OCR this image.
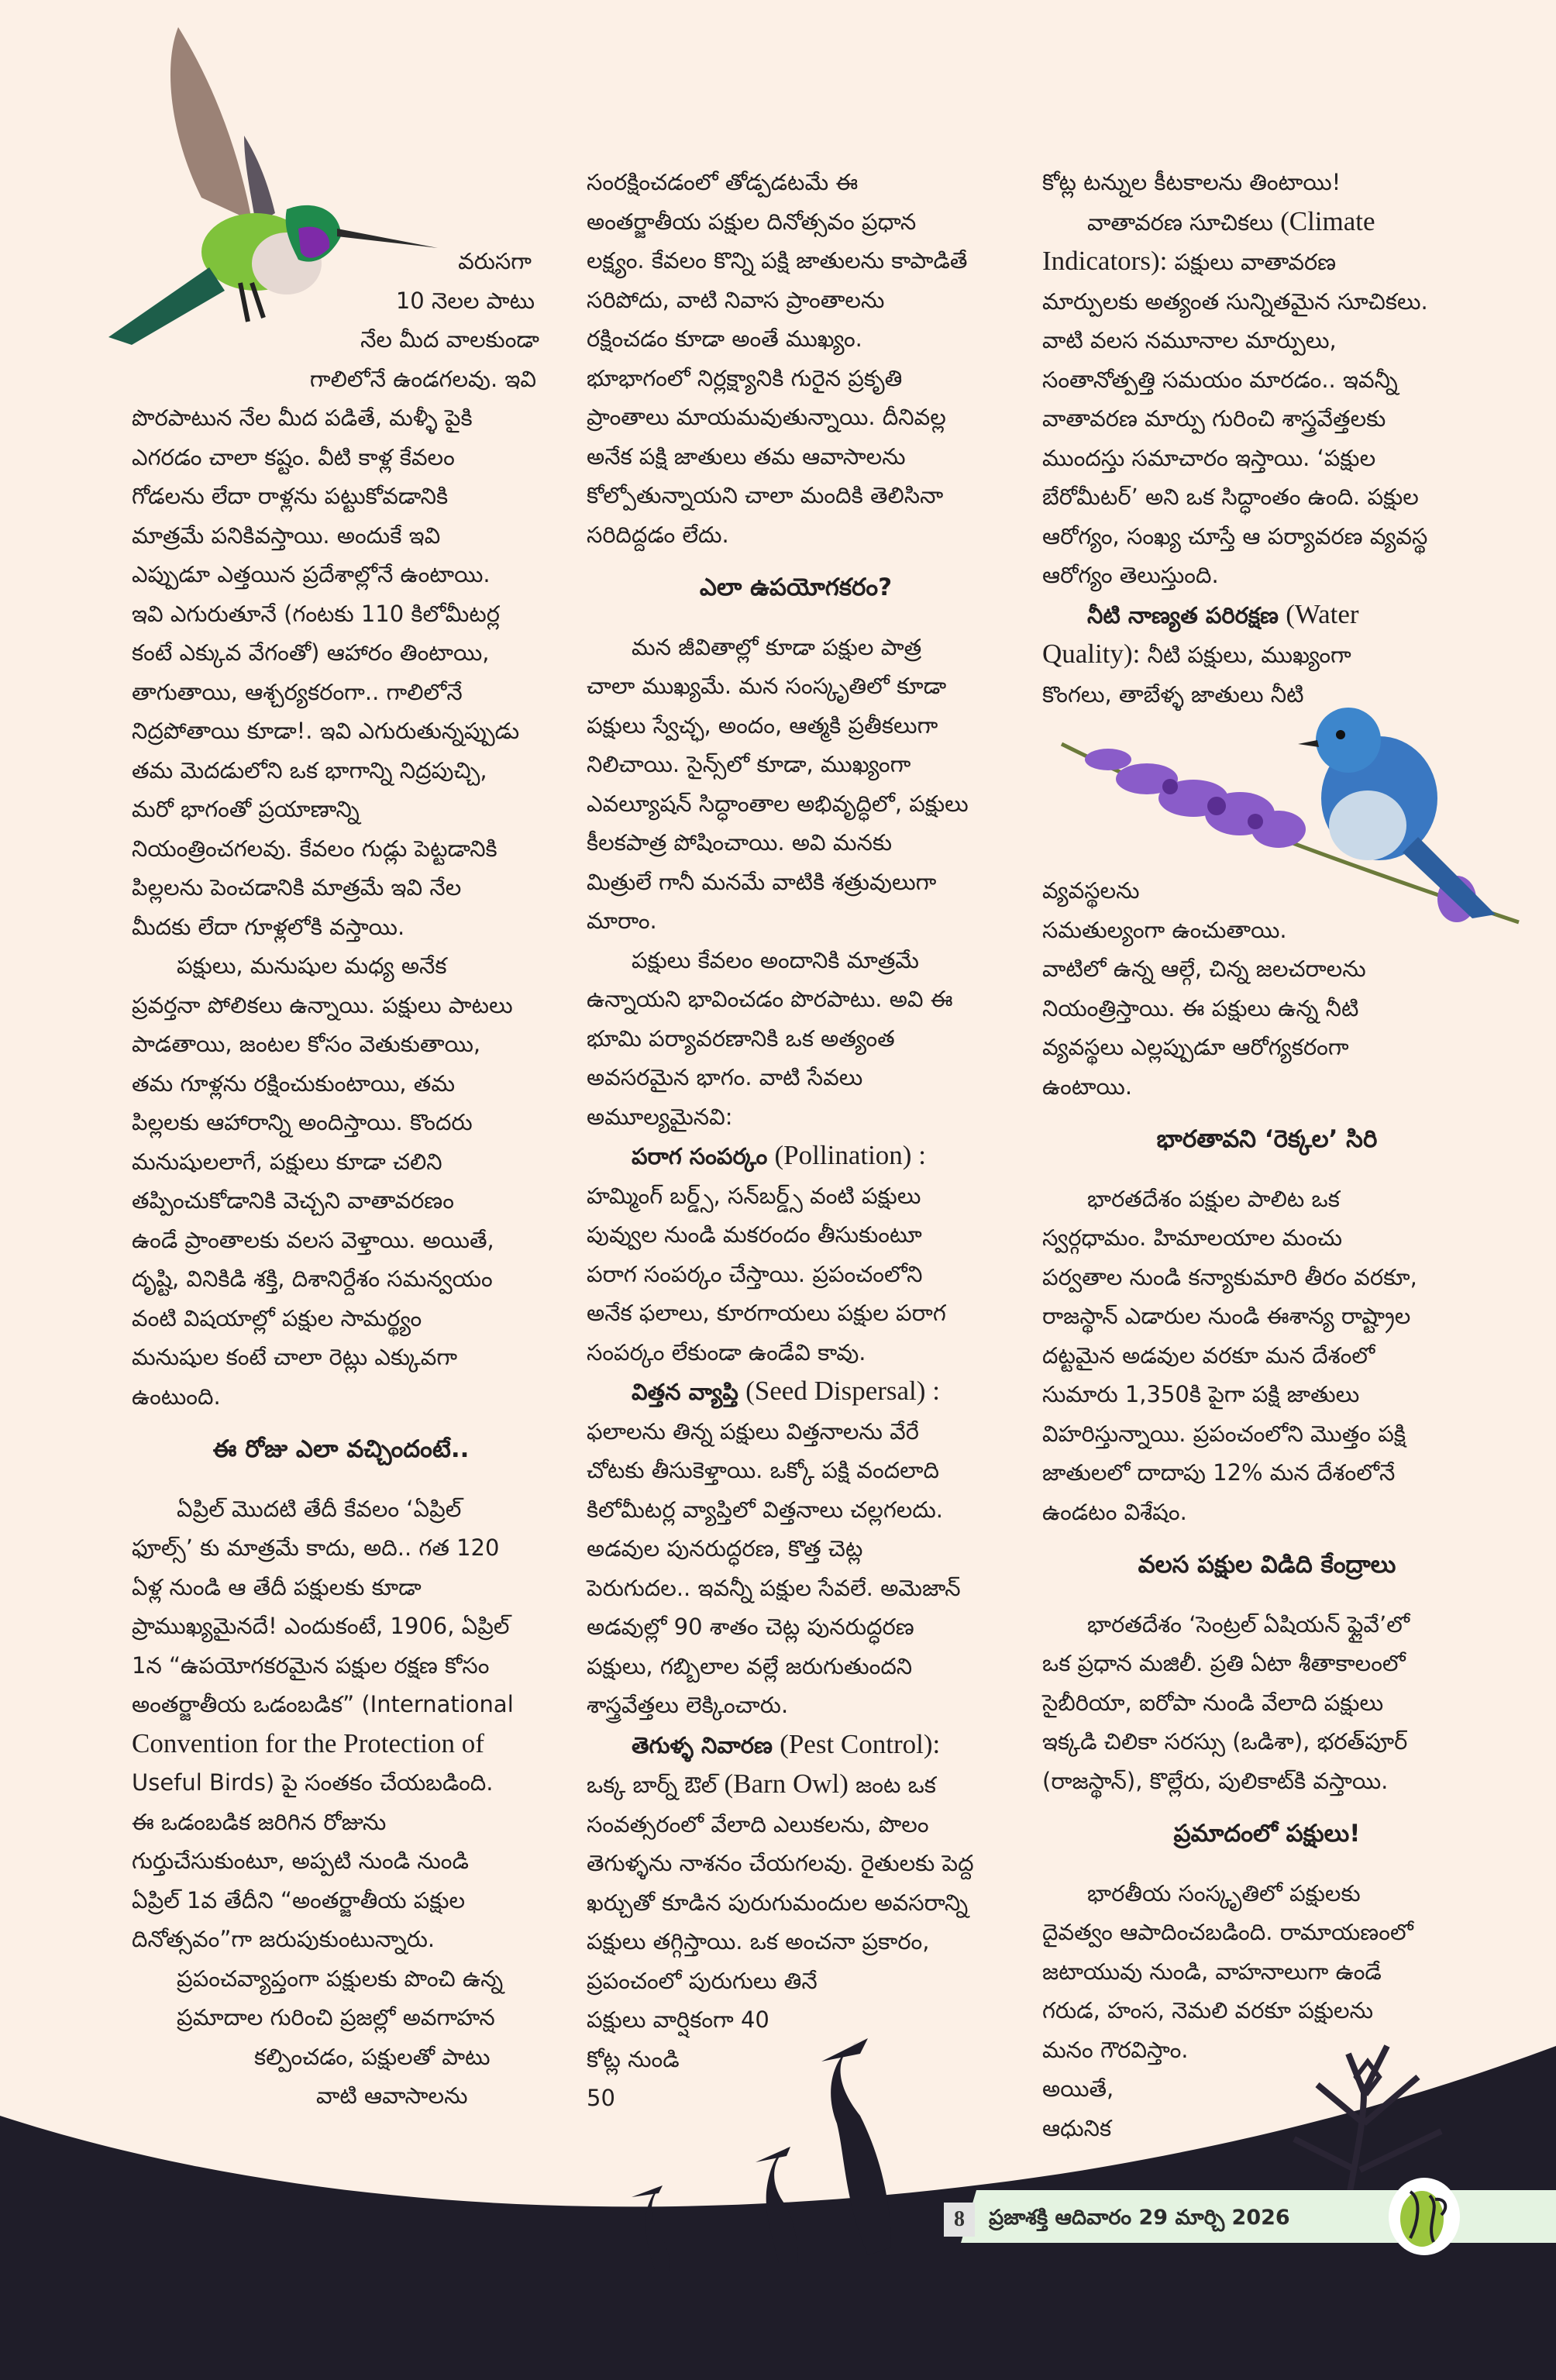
వరుసగా
10 నెలల పాటు
నేల మీద వాలకుండా
గాలిలోనే ఉండగలవు. ఇవి
పొరపాటున నేల మీద పడితే, మళ్ళీ పైకి
ఎగరడం చాలా కష్టం. వీటి కాళ్ల కేవలం
గోడలను లేదా రాళ్లను పట్టుకోవడానికి
మాత్రమే పనికివస్తాయి. అందుకే ఇవి
ఎప్పుడూ ఎత్తయిన ప్రదేశాల్లోనే ఉంటాయి.
ఇవి ఎగురుతూనే (గంటకు 110 కిలోమీటర్ల
కంటే ఎక్కువ వేగంతో) ఆహారం తింటాయి,
తాగుతాయి, ఆశ్చర్యకరంగా.. గాలిలోనే
నిద్రపోతాయి కూడా!. ఇవి ఎగురుతున్నప్పుడు
తమ మెదడులోని ఒక భాగాన్ని నిద్రపుచ్చి,
మరో భాగంతో ప్రయాణాన్ని
నియంత్రించగలవు. కేవలం గుడ్లు పెట్టడానికి
పిల్లలను పెంచడానికి మాత్రమే ఇవి నేల
మీదకు లేదా గూళ్లలోకి వస్తాయి.
పక్షులు, మనుషుల మధ్య అనేక
ప్రవర్తనా పోలికలు ఉన్నాయి. పక్షులు పాటలు
పాడతాయి, జంటల కోసం వెతుకుతాయి,
తమ గూళ్లను రక్షించుకుంటాయి, తమ
పిల్లలకు ఆహారాన్ని అందిస్తాయి. కొందరు
మనుషులలాగే, పక్షులు కూడా చలిని
తప్పించుకోడానికి వెచ్చని వాతావరణం
ఉండే ప్రాంతాలకు వలస వెళ్తాయి. అయితే,
దృష్టి, వినికిడి శక్తి, దిశానిర్దేశం సమన్వయం
వంటి విషయాల్లో పక్షుల సామర్థ్యం
మనుషుల కంటే చాలా రెట్లు ఎక్కువగా
ఉంటుంది.
ఈ రోజు ఎలా వచ్చిందంటే..
ఏప్రిల్ మొదటి తేదీ కేవలం ‘ఏప్రిల్
ఫూల్స్’ కు మాత్రమే కాదు, అది.. గత 120
ఏళ్ల నుండి ఆ తేదీ పక్షులకు కూడా
ప్రాముఖ్యమైనదే! ఎందుకంటే, 1906, ఏప్రిల్
1న “ఉపయోగకరమైన పక్షుల రక్షణ కోసం
అంతర్జాతీయ ఒడంబడిక” (International
Convention for the Protection of
Useful Birds) పై సంతకం చేయబడింది.
ఈ ఒడంబడిక జరిగిన రోజును
గుర్తుచేసుకుంటూ, అప్పటి నుండి నుండి
ఏప్రిల్ 1వ తేదీని “అంతర్జాతీయ పక్షుల
దినోత్సవం”గా జరుపుకుంటున్నారు.
ప్రపంచవ్యాప్తంగా పక్షులకు పొంచి ఉన్న
ప్రమాదాల గురించి ప్రజల్లో అవగాహన
కల్పించడం, పక్షులతో పాటు
వాటి ఆవాసాలను
సంరక్షించడంలో తోడ్పడటమే ఈ
అంతర్జాతీయ పక్షుల దినోత్సవం ప్రధాన
లక్ష్యం. కేవలం కొన్ని పక్షి జాతులను కాపాడితే
సరిపోదు, వాటి నివాస ప్రాంతాలను
రక్షించడం కూడా అంతే ముఖ్యం.
భూభాగంలో నిర్లక్ష్యానికి గురైన ప్రకృతి
ప్రాంతాలు మాయమవుతున్నాయి. దీనివల్ల
అనేక పక్షి జాతులు తమ ఆవాసాలను
కోల్పోతున్నాయని చాలా మందికి తెలిసినా
సరిదిద్దడం లేదు.
ఎలా ఉపయోగకరం?
మన జీవితాల్లో కూడా పక్షుల పాత్ర
చాలా ముఖ్యమే. మన సంస్కృతిలో కూడా
పక్షులు స్వేచ్ఛ, అందం, ఆత్మకి ప్రతీకలుగా
నిలిచాయి. సైన్స్‌లో కూడా, ముఖ్యంగా
ఎవల్యూషన్ సిద్ధాంతాల అభివృద్ధిలో, పక్షులు
కీలకపాత్ర పోషించాయి. అవి మనకు
మిత్రులే గానీ మనమే వాటికి శత్రువులుగా
మారాం.
పక్షులు కేవలం అందానికి మాత్రమే
ఉన్నాయని భావించడం పొరపాటు. అవి ఈ
భూమి పర్యావరణానికి ఒక అత్యంత
అవసరమైన భాగం. వాటి సేవలు
అమూల్యమైనవి:
పరాగ సంపర్కం (Pollination) :
హమ్మింగ్ బర్డ్స్, సన్‌బర్డ్స్ వంటి పక్షులు
పువ్వుల నుండి మకరందం తీసుకుంటూ
పరాగ సంపర్కం చేస్తాయి. ప్రపంచంలోని
అనేక ఫలాలు, కూరగాయలు పక్షుల పరాగ
సంపర్కం లేకుండా ఉండేవి కావు.
విత్తన వ్యాప్తి (Seed Dispersal) :
ఫలాలను తిన్న పక్షులు విత్తనాలను వేరే
చోటకు తీసుకెళ్తాయి. ఒక్కో పక్షి వందలాది
కిలోమీటర్ల వ్యాప్తిలో విత్తనాలు చల్లగలదు.
అడవుల పునరుద్ధరణ, కొత్త చెట్ల
పెరుగుదల.. ఇవన్నీ పక్షుల సేవలే. అమెజాన్
అడవుల్లో 90 శాతం చెట్ల పునరుద్ధరణ
పక్షులు, గబ్బిలాల వల్లే జరుగుతుందని
శాస్త్రవేత్తలు లెక్కించారు.
తెగుళ్ళ నివారణ (Pest Control):
ఒక్క బార్న్ ఔల్ (Barn Owl) జంట ఒక
సంవత్సరంలో వేలాది ఎలుకలను, పొలం
తెగుళ్ళను నాశనం చేయగలవు. రైతులకు పెద్ద
ఖర్చుతో కూడిన పురుగుమందుల అవసరాన్ని
పక్షులు తగ్గిస్తాయి. ఒక అంచనా ప్రకారం,
ప్రపంచంలో పురుగులు తినే
పక్షులు వార్షికంగా 40
కోట్ల నుండి
50
కోట్ల టన్నుల కీటకాలను తింటాయి!
వాతావరణ సూచికలు (Climate
Indicators): పక్షులు వాతావరణ
మార్పులకు అత్యంత సున్నితమైన సూచికలు.
వాటి వలస నమూనాల మార్పులు,
సంతానోత్పత్తి సమయం మారడం.. ఇవన్నీ
వాతావరణ మార్పు గురించి శాస్త్రవేత్తలకు
ముందస్తు సమాచారం ఇస్తాయి. ‘పక్షుల
బేరోమీటర్’ అని ఒక సిద్ధాంతం ఉంది. పక్షుల
ఆరోగ్యం, సంఖ్య చూస్తే ఆ పర్యావరణ వ్యవస్థ
ఆరోగ్యం తెలుస్తుంది.
నీటి నాణ్యత పరిరక్షణ (Water
Quality): నీటి పక్షులు, ముఖ్యంగా
కొంగలు, తాబేళ్ళ జాతులు నీటి
వ్యవస్థలను
సమతుల్యంగా ఉంచుతాయి.
వాటిలో ఉన్న ఆల్గే, చిన్న జలచరాలను
నియంత్రిస్తాయి. ఈ పక్షులు ఉన్న నీటి
వ్యవస్థలు ఎల్లప్పుడూ ఆరోగ్యకరంగా
ఉంటాయి.
భారతావని ‘రెక్కల’ సిరి
భారతదేశం పక్షుల పాలిట ఒక
స్వర్గధామం. హిమాలయాల మంచు
పర్వతాల నుండి కన్యాకుమారి తీరం వరకూ,
రాజస్థాన్ ఎడారుల నుండి ఈశాన్య రాష్ట్రాల
దట్టమైన అడవుల వరకూ మన దేశంలో
సుమారు 1,350కి పైగా పక్షి జాతులు
విహరిస్తున్నాయి. ప్రపంచంలోని మొత్తం పక్షి
జాతులలో దాదాపు 12% మన దేశంలోనే
ఉండటం విశేషం.
వలస పక్షుల విడిది కేంద్రాలు
భారతదేశం ‘సెంట్రల్ ఏషియన్ ఫ్లైవే’లో
ఒక ప్రధాన మజిలీ. ప్రతి ఏటా శీతాకాలంలో
సైబీరియా, ఐరోపా నుండి వేలాది పక్షులు
ఇక్కడి చిలికా సరస్సు (ఒడిశా), భరత్‌పూర్
(రాజస్థాన్), కొల్లేరు, పులికాట్‌కి వస్తాయి.
ప్రమాదంలో పక్షులు!
భారతీయ సంస్కృతిలో పక్షులకు
దైవత్వం ఆపాదించబడింది. రామాయణంలో
జటాయువు నుండి, వాహనాలుగా ఉండే
గరుడ, హంస, నెమలి వరకూ పక్షులను
మనం గౌరవిస్తాం.
అయితే,
ఆధునిక
8	ప్రజాశక్తి ఆదివారం 29 మార్చి 2026
